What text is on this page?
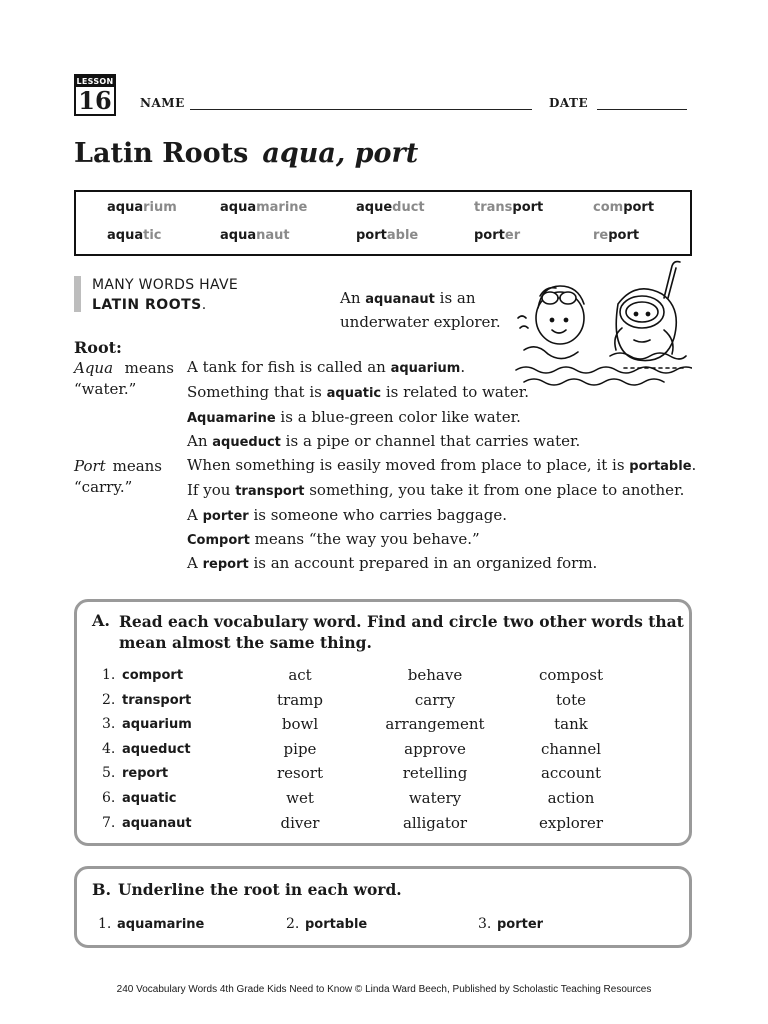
LESSON
16 NAME	DATE
Latin Roots aqua, port
aquarium	aquamarine	aqueduct	transport	comport
aquatic	aquanaut	portable	porter	report
MANY WORDS HAVE
LATIN ROOTS.	An aquanaut is an underwater explorer.
Root:
Aqua means
“water.”
Port means
“carry.”
A tank for fish is called an aquarium.
Something that is aquatic is related to water.
Aquamarine is a blue-green color like water.
An aqueduct is a pipe or channel that carries water.
When something is easily moved from place to place, it is portable.
If you transport something, you take it from one place to another.
A porter is someone who carries baggage.
Comport means “the way you behave.”
A report is an account prepared in an organized form.
A. Read each vocabulary word. Find and circle two other words that
mean almost the same thing.
1. comport	act	behave	compost
2. transport	tramp	carry	tote
3. aquarium	bowl	arrangement	tank
4. aqueduct	pipe	approve	channel
5. report	resort	retelling	account
6. aquatic	wet	watery	action
7. aquanaut	diver	alligator	explorer
B. Underline the root in each word.
1. aquamarine	2. portable	3. porter
240 Vocabulary Words 4th Grade Kids Need to Know © Linda Ward Beech, Published by Scholastic Teaching Resources
